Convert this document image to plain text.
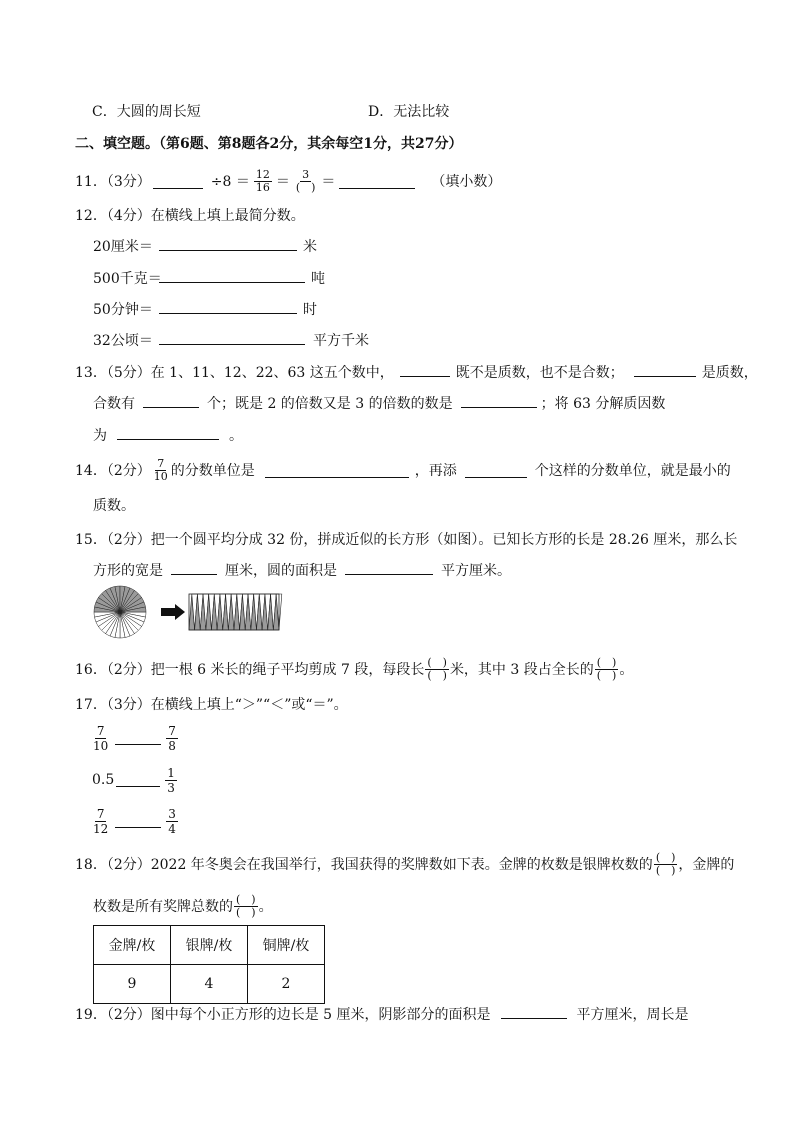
C．大圆的周长短	D．无法比较
二、填空题。（第6题、第8题各2分，其余每空1分，共27分）
11．（3分）	$\div 8 = \frac{12}{16} = \frac{3}{( )}$ ＝	（填小数）
12．（4分）在横线上填上最简分数。
20厘米＝	米
500千克＝	吨
50分钟＝	时
32公顷＝	平方千米
13．（5分）在 1、11、12、22、63 这五个数中，	既不是质数，也不是合数；	是质数，
合数有	个；既是 2 的倍数又是 3 的倍数的数是	；将 63 分解质因数
为	。
14．（2分） $\frac{7}{10}$ 的分数单位是	，再添	个这样的分数单位，就是最小的
质数。
15．（2分）把一个圆平均分成 32 份，拼成近似的长方形（如图）。已知长方形的长是 28.26 厘米，那么长
方形的宽是	厘米，圆的面积是	平方厘米。
16．（2分）把一根 6 米长的绳子平均剪成 7 段，每段长 $\frac{( )}{( )}$ 米，其中 3 段占全长的 $\frac{( )}{( )}$ 。
17．（3分）在横线上填上“＞”“＜”或“＝”。
$\frac{7}{10}$	$\frac{7}{8}$
0.5	$\frac{1}{3}$
$\frac{7}{12}$	$\frac{3}{4}$
18．（2分）2022 年冬奥会在我国举行，我国获得的奖牌数如下表。金牌的枚数是银牌枚数的 $\frac{( )}{( )}$ ，金牌的
枚数是所有奖牌总数的 $\frac{( )}{( )}$ 。
金牌/枚	银牌/枚	铜牌/枚
9	4	2
19．（2分）图中每个小正方形的边长是 5 厘米，阴影部分的面积是	平方厘米，周长是
